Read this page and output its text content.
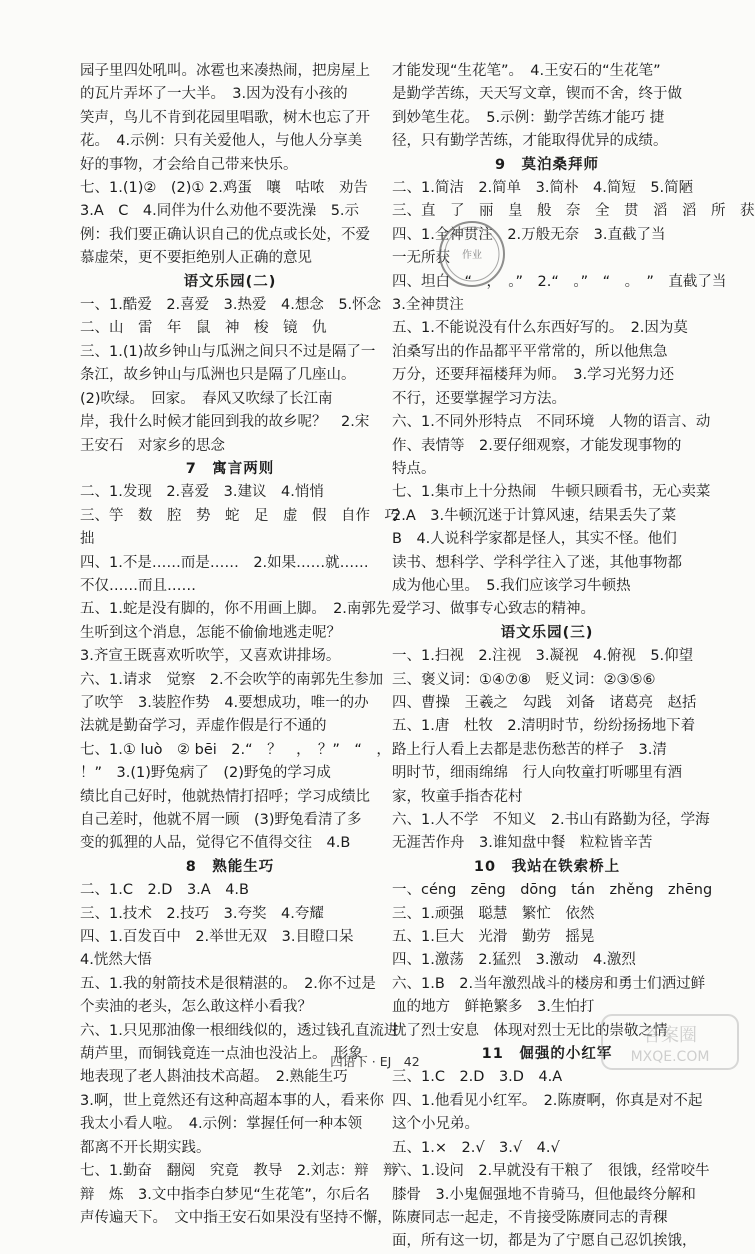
园子里四处吼叫。冰雹也来凑热闹，把房屋上
的瓦片弄坏了一大半。　3.因为没有小孩的
笑声，鸟儿不肯到花园里唱歌，树木也忘了开
花。　4.示例：只有关爱他人，与他人分享美
好的事物，才会给自己带来快乐。
七、1.(1)②　(2)① 2.鸡蛋　嚷　咕哝　劝告
3.A　C　4.同伴为什么劝他不要洗澡　5.示
例：我们要正确认识自己的优点或长处，不爱
慕虚荣，更不要拒绝别人正确的意见
语文乐园(二)
一、1.酷爱　2.喜爱　3.热爱　4.想念　5.怀念
二、山　雷　年　鼠　神　梭　镜　仇
三、1.(1)故乡钟山与瓜洲之间只不过是隔了一
条江，故乡钟山与瓜洲也只是隔了几座山。
(2)吹绿。　回家。　春风又吹绿了长江南
岸，我什么时候才能回到我的故乡呢？　2.宋
王安石　对家乡的思念
7　寓言两则
二、1.发现　2.喜爱　3.建议　4.悄悄
三、竽　数　腔　势　蛇　足　虚　假　自作　巧
拙
四、1.不是……而是……　2.如果……就……
不仅……而且……
五、1.蛇是没有脚的，你不用画上脚。　2.南郭先
生听到这个消息，怎能不偷偷地逃走呢？
3.齐宣王既喜欢听吹竽，又喜欢讲排场。
六、1.请求　觉察　2.不会吹竽的南郭先生参加
了吹竽　3.装腔作势　4.要想成功，唯一的办
法就是勤奋学习，弄虚作假是行不通的
七、1.① luò　② bēi　2.“　？　，　？”　“　，
！”　3.(1)野兔病了　(2)野兔的学习成
绩比自己好时，他就热情打招呼；学习成绩比
自己差时，他就不屑一顾　(3)野兔看清了多
变的狐狸的人品，觉得它不值得交往　4.B
8　熟能生巧
二、1.C　2.D　3.A　4.B
三、1.技术　2.技巧　3.夸奖　4.夸耀
四、1.百发百中　2.举世无双　3.目瞪口呆
4.恍然大悟
五、1.我的射箭技术是很精湛的。　2.你不过是
个卖油的老头，怎么敢这样小看我？
六、1.只见那油像一根细线似的，透过钱孔直流进
葫芦里，而铜钱竟连一点油也没沾上。　形象
地表现了老人斟油技术高超。　2.熟能生巧
3.啊，世上竟然还有这种高超本事的人，看来你
我太小看人啦。　4.示例：掌握任何一种本领
都离不开长期实践。
七、1.勤奋　翻阅　究竟　教导　2.刘志：辩　辩
辩　炼　3.文中指李白梦见“生花笔”，尔后名
声传遍天下。　文中指王安石如果没有坚持不懈，
才能发现“生花笔”。　4.王安石的“生花笔”
是勤学苦练，天天写文章，锲而不舍，终于做
到妙笔生花。　5.示例：勤学苦练才能巧 捷
径，只有勤学苦练，才能取得优异的成绩。
9　莫泊桑拜师
二、1.简洁　2.简单　3.简朴　4.简短　5.简陋
三、直　了　丽　皇　般　奈　全　贯　滔　滔　所　获
四、1.全神贯注　2.万般无奈　3.直截了当
一无所获
四、坦白　“　，　。”　2.“　。”　“　。　”　直截了当
3.全神贯注
五、1.不能说没有什么东西好写的。　2.因为莫
泊桑写出的作品都平平常常的，所以他焦急
万分，还要拜福楼拜为师。　3.学习光努力还
不行，还要掌握学习方法。
六、1.不同外形特点　不同环境　人物的语言、动
作、表情等　2.要仔细观察，才能发现事物的
特点。
七、1.集市上十分热闹　牛顿只顾看书，无心卖菜
2.A　3.牛顿沉迷于计算风速，结果丢失了菜
B　4.人说科学家都是怪人，其实不怪。他们
读书、想科学、学科学往入了迷，其他事物都
成为他心里。　5.我们应该学习牛顿热
爱学习、做事专心致志的精神。
语文乐园(三)
一、1.扫视　2.注视　3.凝视　4.俯视　5.仰望
三、褒义词：①④⑦⑧　贬义词：②③⑤⑥
四、曹操　王羲之　勾践　刘备　诸葛亮　赵括
五、1.唐　杜牧　2.清明时节，纷纷扬扬地下着
路上行人看上去都是悲伤愁苦的样子　3.清
明时节，细雨绵绵　行人向牧童打听哪里有酒
家，牧童手指杏花村
六、1.人不学　不知义　2.书山有路勤为径，学海
无涯苦作舟　3.谁知盘中餐　粒粒皆辛苦
10　我站在铁索桥上
一、céng　zēng　dōng　tán　zhěng　zhēng
三、1.顽强　聪慧　繁忙　依然
五、1.巨大　光滑　勤劳　摇晃
四、1.激荡　2.猛烈　3.激动　4.激烈
六、1.B　2.当年激烈战斗的楼房和勇士们洒过鲜
血的地方　鲜艳繁多　3.生怕打
扰了烈士安息　体现对烈士无比的崇敬之情
11　倔强的小红军
三、1.C　2.D　3.D　4.A
四、1.他看见小红军。　2.陈赓啊，你真是对不起
这个小兄弟。
五、1.×　2.√　3.√　4.√
六、1.设问　2.早就没有干粮了　很饿，经常咬牛
膝骨　3.小鬼倔强地不肯骑马，但他最终分解和
陈赓同志一起走，不肯接受陈赓同志的青稞
面，所有这一切，都是为了宁愿自己忍饥挨饿，
作业
答案圈
MXQE.COM
四语下 · EJ　42
